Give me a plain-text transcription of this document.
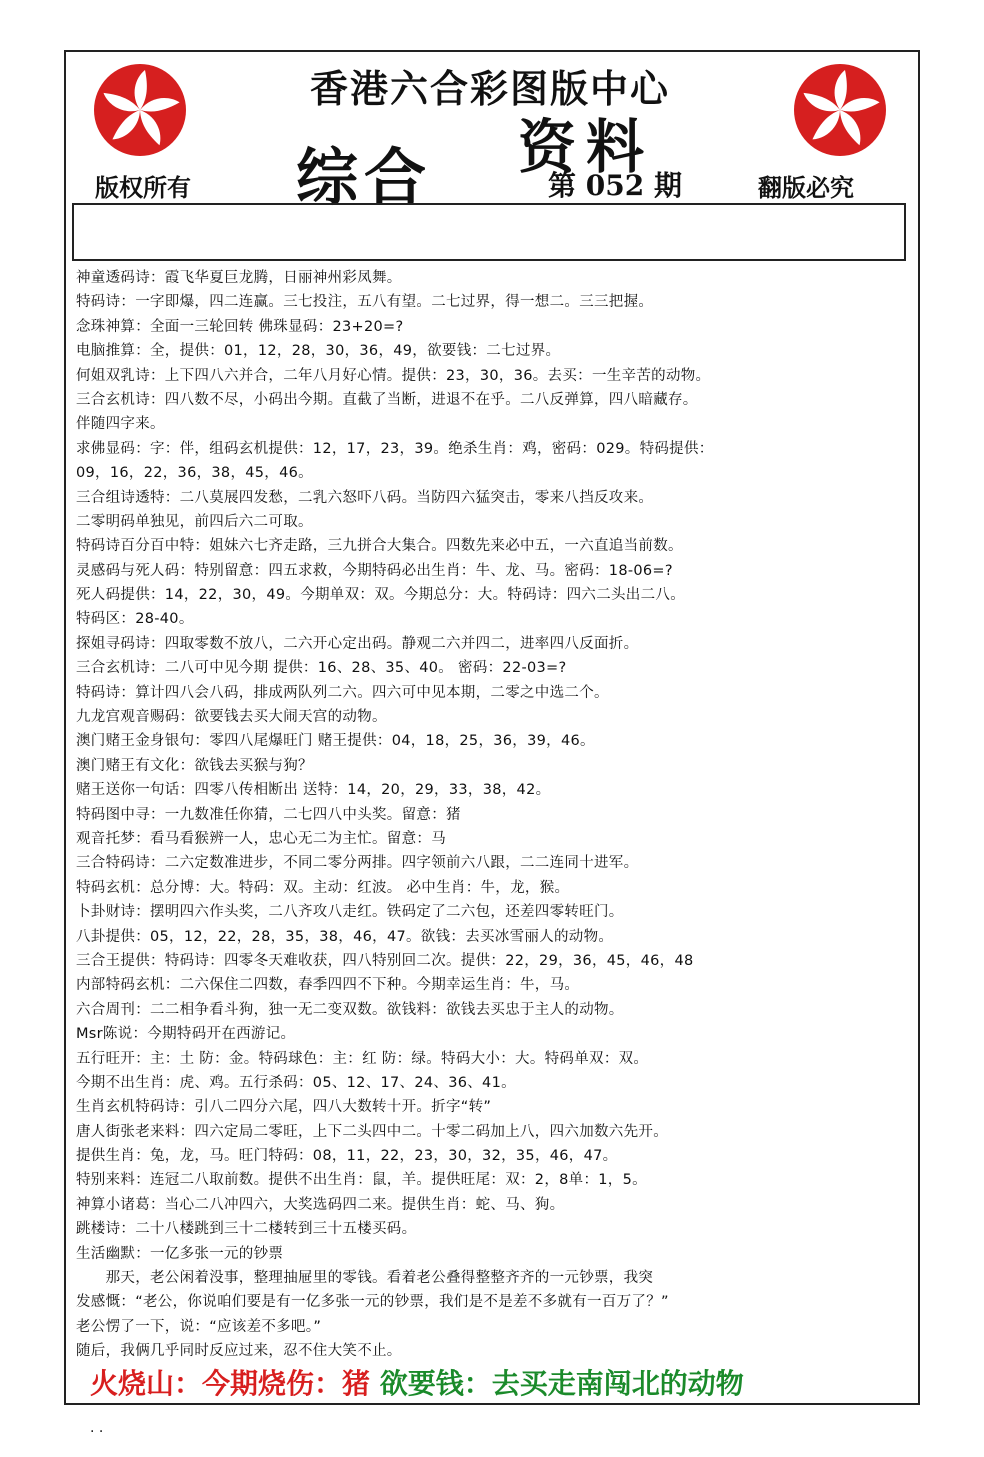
香港六合彩图版中心
综合 资料
版权所有	翻版必究
第 052 期
神童透码诗：霞飞华夏巨龙腾，日丽神州彩凤舞。
特码诗：一字即爆，四二连赢。三七投注，五八有望。二七过界，得一想二。三三把握。
念珠神算：全面一三轮回转 佛珠显码：23+20=?
电脑推算：全，提供：01，12，28，30，36，49，欲要钱：二七过界。
何姐双乳诗：上下四八六并合，二年八月好心情。提供：23，30，36。去买：一生辛苦的动物。
三合玄机诗：四八数不尽，小码出今期。直截了当断，进退不在乎。二八反弹算，四八暗藏存。
伴随四字来。
求佛显码：字：伴，组码玄机提供：12，17，23，39。绝杀生肖：鸡，密码：029。特码提供：
09，16，22，36，38，45，46。
三合组诗透特：二八莫展四发愁，二乳六怒吓八码。当防四六猛突击，零来八挡反攻来。
二零明码单独见，前四后六二可取。
特码诗百分百中特：姐妹六七齐走路，三九拼合大集合。四数先来必中五，一六直追当前数。
灵感码与死人码：特别留意：四五求救，今期特码必出生肖：牛、龙、马。密码：18-06=?
死人码提供：14，22，30，49。今期单双：双。今期总分：大。特码诗：四六二头出二八。
特码区：28-40。
探姐寻码诗：四取零数不放八，二六开心定出码。静观二六并四二，进率四八反面折。
三合玄机诗：二八可中见今期 提供：16、28、35、40。 密码：22-03=?
特码诗：算计四八会八码，排成两队列二六。四六可中见本期，二零之中选二个。
九龙宫观音赐码：欲要钱去买大闹天宫的动物。
澳门赌王金身银句：零四八尾爆旺门 赌王提供：04，18，25，36，39，46。
澳门赌王有文化：欲钱去买猴与狗？
赌王送你一句话：四零八传相断出 送特：14，20，29，33，38，42。
特码图中寻：一九数准任你猜，二七四八中头奖。留意：猪
观音托梦：看马看猴辨一人，忠心无二为主忙。留意：马
三合特码诗：二六定数准进步，不同二零分两排。四字领前六八跟，二二连同十进军。
特码玄机：总分博：大。特码：双。主动：红波。 必中生肖：牛，龙，猴。
卜卦财诗：摆明四六作头奖，二八齐攻八走红。铁码定了二六包，还差四零转旺门。
八卦提供：05，12，22，28，35，38，46，47。欲钱：去买冰雪丽人的动物。
三合王提供：特码诗：四零冬天难收获，四八特别回二次。提供：22，29，36，45，46，48
内部特码玄机：二六保住二四数，春季四四不下种。今期幸运生肖：牛，马。
六合周刊：二二相争看斗狗，独一无二变双数。欲钱料：欲钱去买忠于主人的动物。
Msr陈说：今期特码开在西游记。
五行旺开：主：土 防：金。特码球色：主：红 防：绿。特码大小：大。特码单双：双。
今期不出生肖：虎、鸡。五行杀码：05、12、17、24、36、41。
生肖玄机特码诗：引八二四分六尾，四八大数转十开。折字“转”
唐人街张老来料：四六定局二零旺，上下二头四中二。十零二码加上八，四六加数六先开。
提供生肖：兔，龙，马。旺门特码：08，11，22，23，30，32，35，46，47。
特别来料：连冠二八取前数。提供不出生肖：鼠，羊。提供旺尾：双：2，8单：1，5。
神算小诸葛：当心二八冲四六，大奖选码四二来。提供生肖：蛇、马、狗。
跳楼诗：二十八楼跳到三十二楼转到三十五楼买码。
生活幽默：一亿多张一元的钞票
　　那天，老公闲着没事，整理抽屉里的零钱。看着老公叠得整整齐齐的一元钞票，我突
发感慨：“老公，你说咱们要是有一亿多张一元的钞票，我们是不是差不多就有一百万了？”
老公愣了一下，说：“应该差不多吧。”
随后，我俩几乎同时反应过来，忍不住大笑不止。
火烧山：今期烧伤：猪 欲要钱：去买走南闯北的动物
. .
